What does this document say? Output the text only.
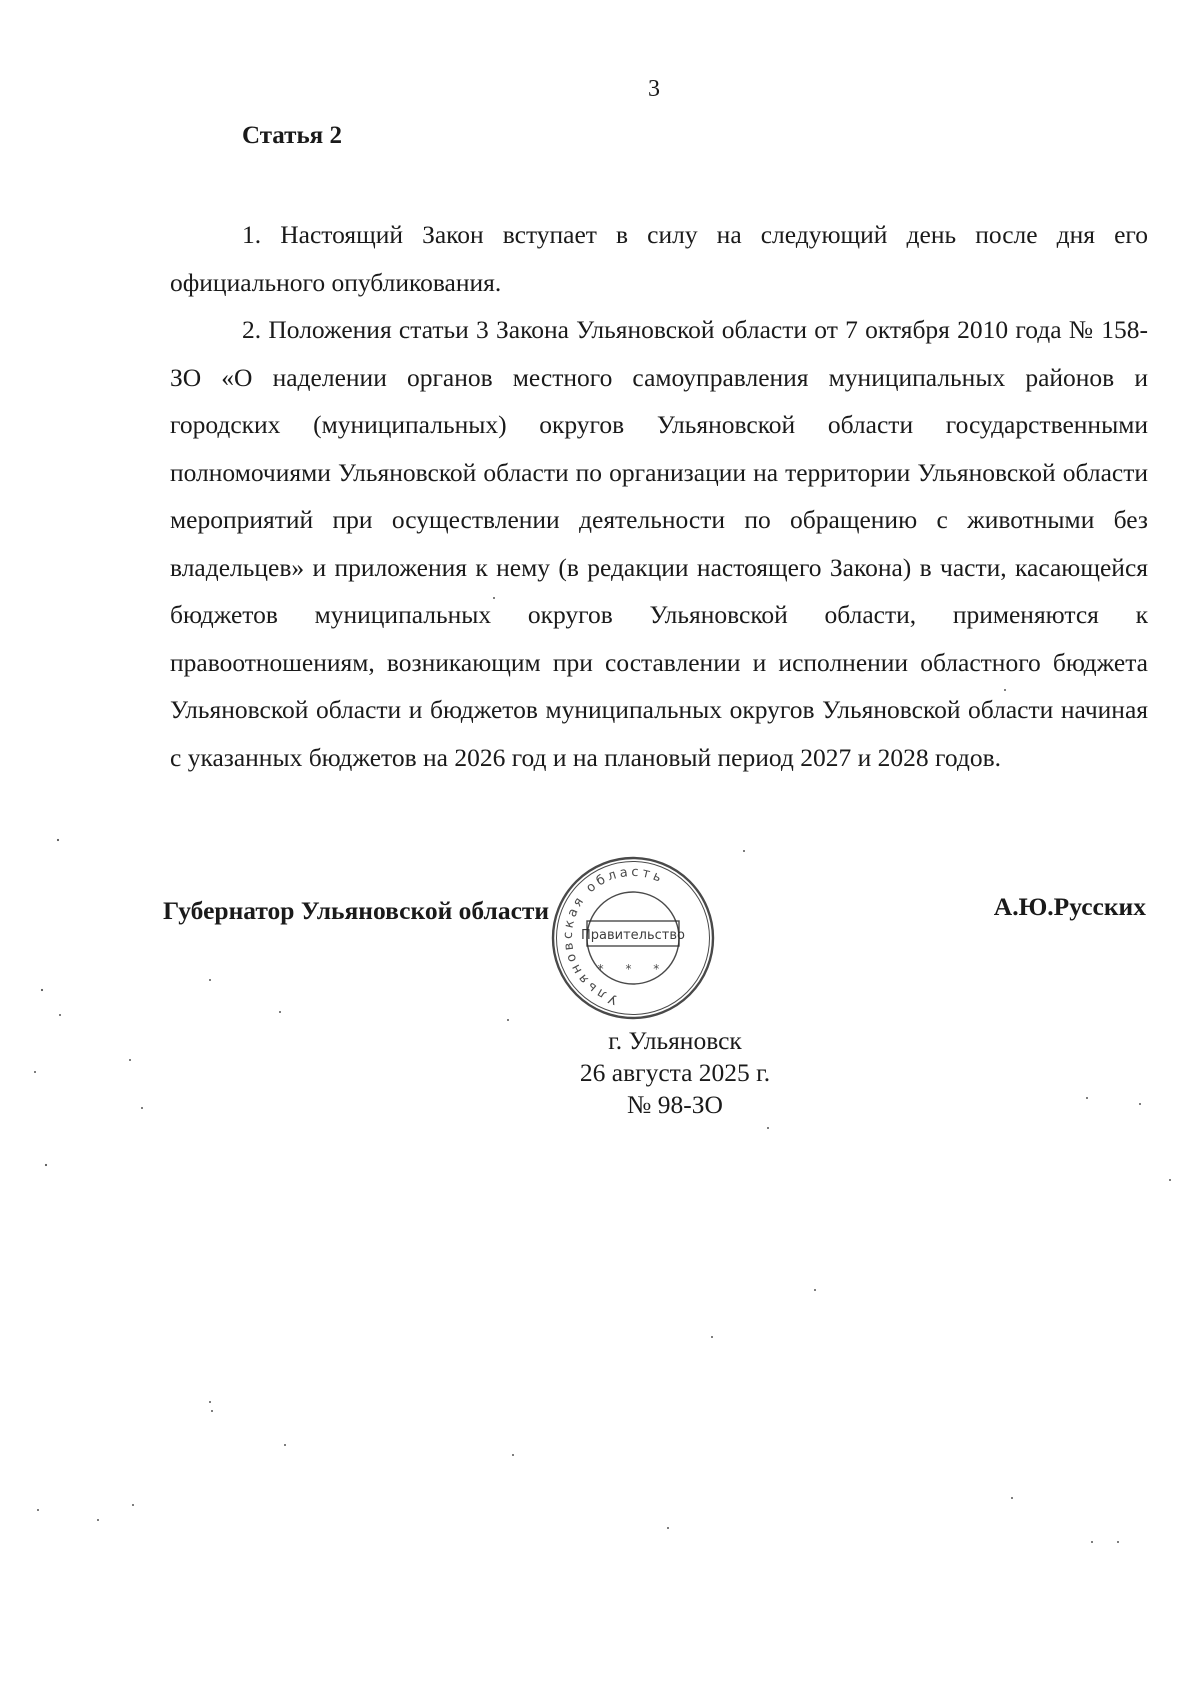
3
Статья 2

1. Настоящий Закон вступает в силу на следующий день после дня его официального опубликования.

2. Положения статьи 3 Закона Ульяновской области от 7 октября 2010 года № 158-ЗО «О наделении органов местного самоуправления муниципальных районов и городских (муниципальных) округов Ульяновской области государственными полномочиями Ульяновской области по организации на территории Ульяновской области мероприятий при осуществлении деятельности по обращению с животными без владельцев» и приложения к нему (в редакции настоящего Закона) в части, касающейся бюджетов муниципальных округов Ульяновской области, применяются к правоотношениям, возникающим при составлении и исполнении областного бюджета Ульяновской области и бюджетов муниципальных округов Ульяновской области начиная с указанных бюджетов на 2026 год и на плановый период 2027 и 2028 годов.

Губернатор Ульяновской области	А.Ю.Русских
Ульяновская область
Правительство
* * *
г. Ульяновск
26 августа 2025 г.
№ 98-ЗО
